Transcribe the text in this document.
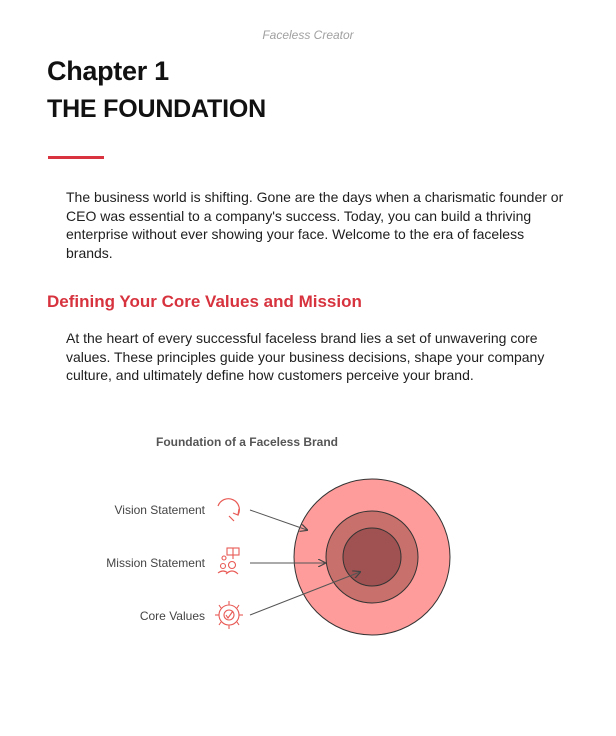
Faceless Creator
Chapter 1
THE FOUNDATION
The business world is shifting. Gone are the days when a charismatic founder or CEO was essential to a company's success. Today, you can build a thriving enterprise without ever showing your face. Welcome to the era of faceless brands.
Defining Your Core Values and Mission
At the heart of every successful faceless brand lies a set of unwavering core values. These principles guide your business decisions, shape your company culture, and ultimately define how customers perceive your brand.
Foundation of a Faceless Brand
Vision Statement
Mission Statement
Core Values
